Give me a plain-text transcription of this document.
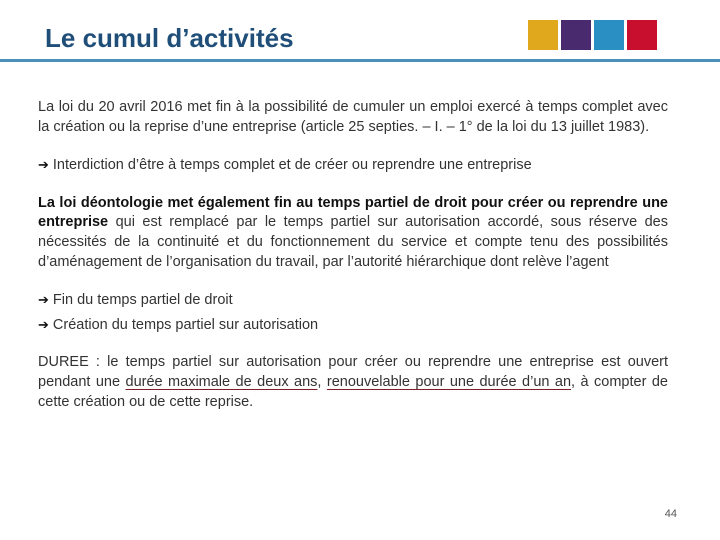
Le cumul d’activités

La loi du 20 avril 2016 met fin à la possibilité de cumuler un emploi exercé à temps complet avec la création ou la reprise d’une entreprise (article 25 septies. – I. – 1° de la loi du 13 juillet 1983).

➔ Interdiction d’être à temps complet et de créer ou reprendre une entreprise

La loi déontologie met également fin au temps partiel de droit pour créer ou reprendre une entreprise qui est remplacé par le temps partiel sur autorisation accordé, sous réserve des nécessités de la continuité et du fonctionnement du service et compte tenu des possibilités d’aménagement de l’organisation du travail, par l’autorité hiérarchique dont relève l’agent

➔ Fin du temps partiel de droit

➔ Création du temps partiel sur autorisation

DUREE : le temps partiel sur autorisation pour créer ou reprendre une entreprise est ouvert pendant une durée maximale de deux ans, renouvelable pour une durée d’un an, à compter de cette création ou de cette reprise.

44
